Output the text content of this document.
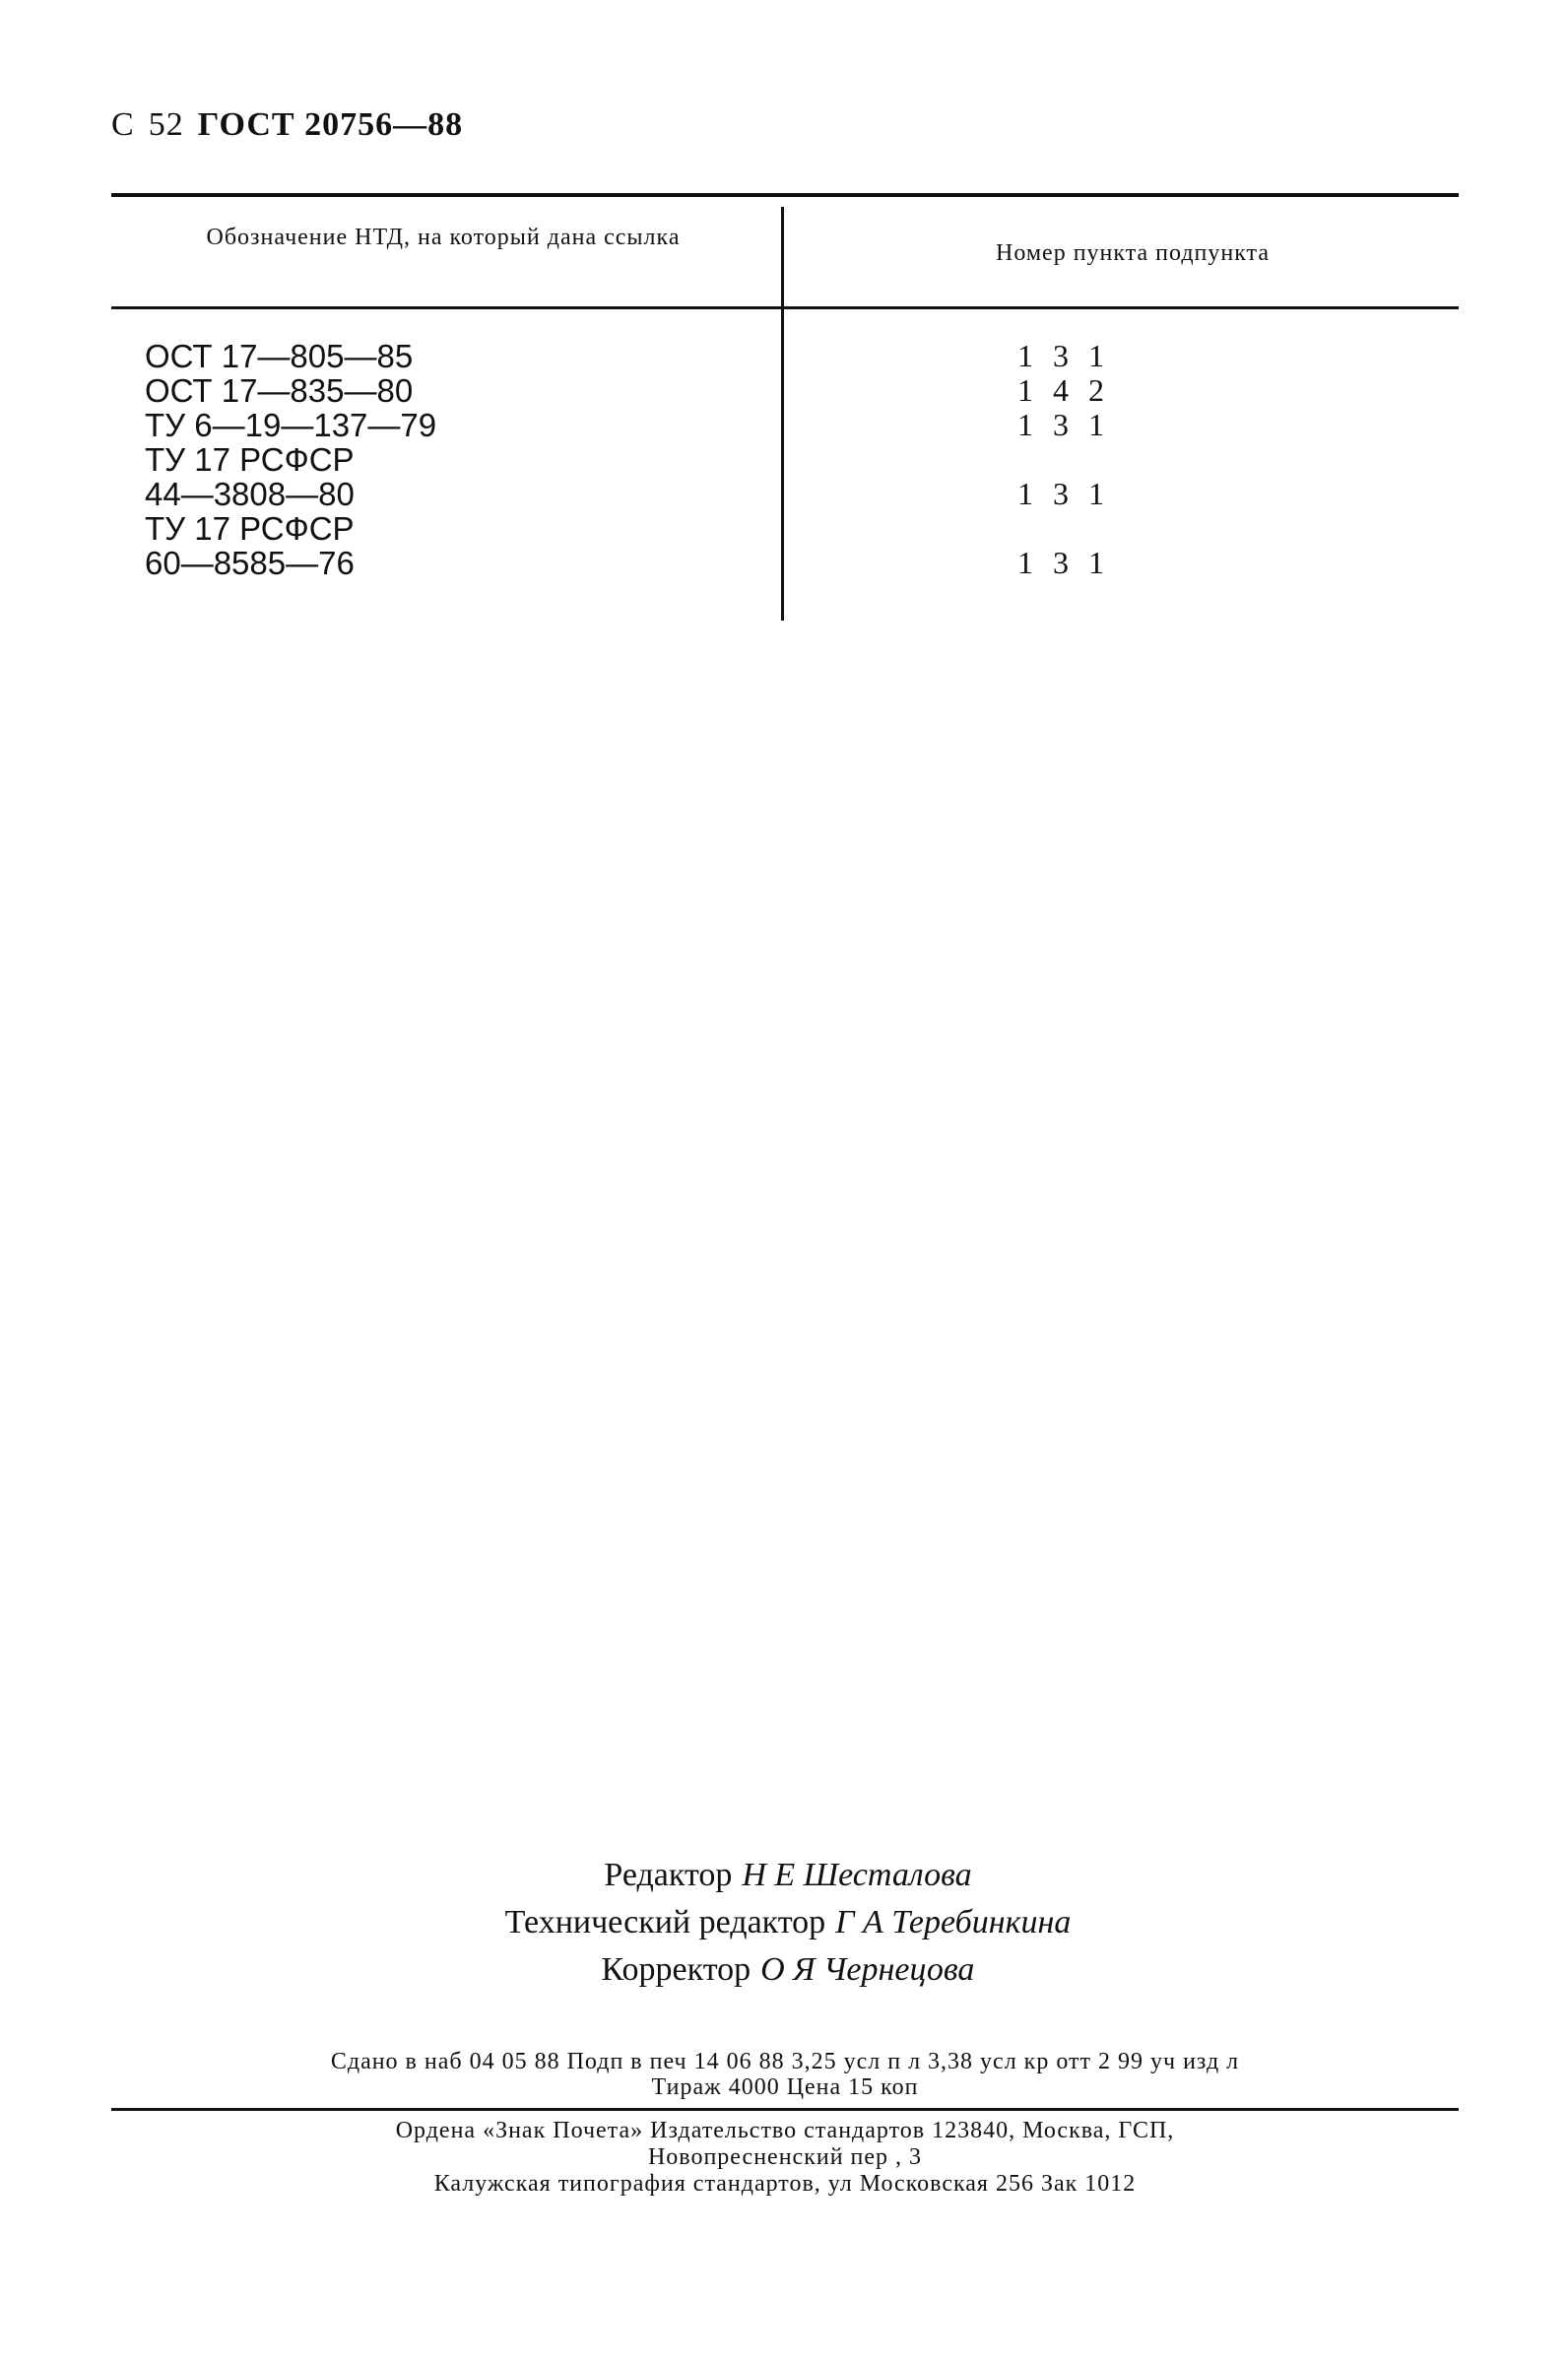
С 52 ГОСТ 20756—88
Обозначение НТД, на который дана ссылка
Номер пункта подпункта
ОСТ 17—805—85
ОСТ 17—835—80
ТУ 6—19—137—79
ТУ 17 РСФСР
44—3808—80
ТУ 17 РСФСР
60—8585—76
1 3 1
1 4 2
1 3 1
1 3 1
1 3 1
Редактор Н Е Шесталова
Технический редактор Г А Теребинкина
Корректор О Я Чернецова
Сдано в наб 04 05 88 Подп в печ 14 06 88 3,25 усл п л 3,38 усл кр отт 2 99 уч изд л
Тираж 4000 Цена 15 коп
Ордена «Знак Почета» Издательство стандартов 123840, Москва, ГСП,
Новопресненский пер , 3
Калужская типография стандартов, ул Московская 256 Зак 1012
